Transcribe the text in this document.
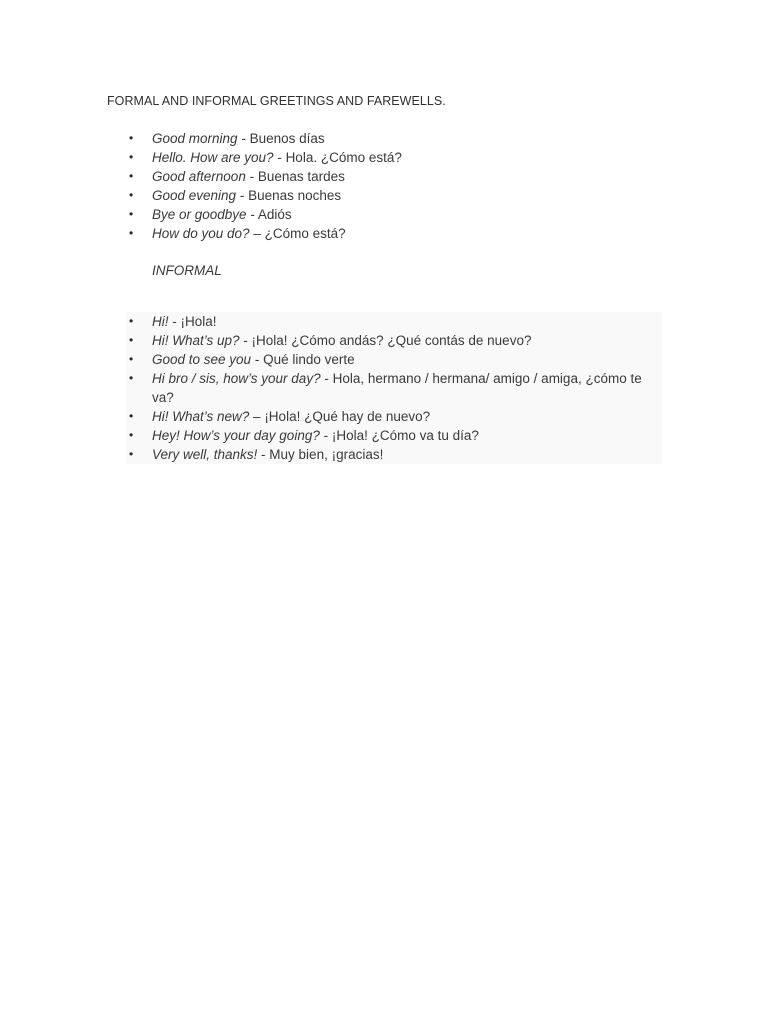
FORMAL AND INFORMAL GREETINGS AND FAREWELLS.
• Good morning - Buenos días
• Hello. How are you? - Hola. ¿Cómo está?
• Good afternoon - Buenas tardes
• Good evening - Buenas noches
• Bye or goodbye - Adiós
• How do you do? – ¿Cómo está?

INFORMAL

• Hi! - ¡Hola!
• Hi! What’s up? - ¡Hola! ¿Cómo andás? ¿Qué contás de nuevo?
• Good to see you - Qué lindo verte
• Hi bro / sis, how’s your day? - Hola, hermano / hermana/ amigo / amiga, ¿cómo te va?
• Hi! What’s new? – ¡Hola! ¿Qué hay de nuevo?
• Hey! How’s your day going? - ¡Hola! ¿Cómo va tu día?
• Very well, thanks! - Muy bien, ¡gracias!
